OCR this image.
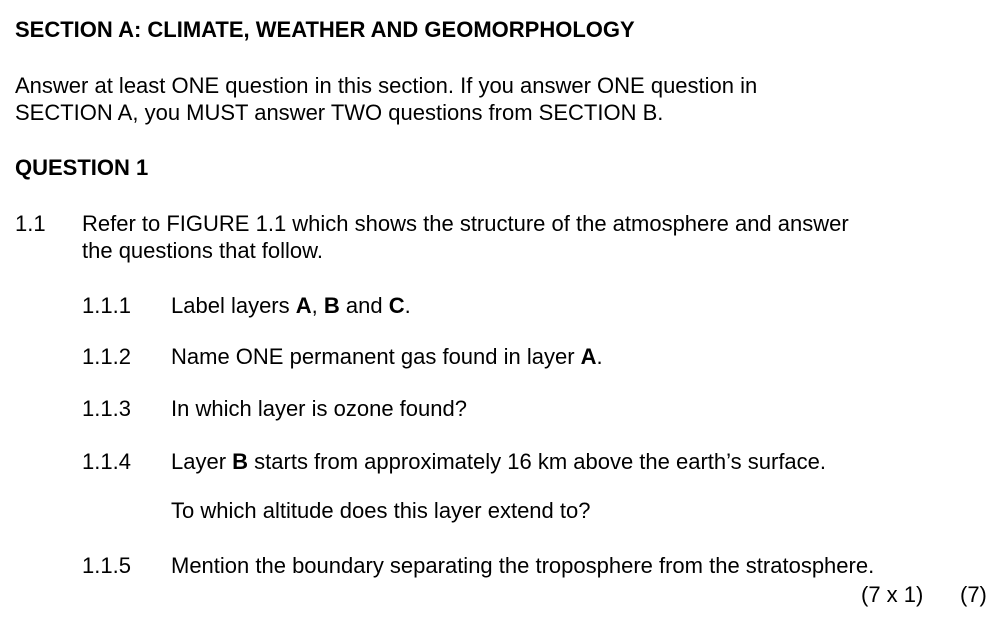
SECTION A: CLIMATE, WEATHER AND GEOMORPHOLOGY
Answer at least ONE question in this section. If you answer ONE question in
SECTION A, you MUST answer TWO questions from SECTION B.
QUESTION 1
1.1 Refer to FIGURE 1.1 which shows the structure of the atmosphere and answer
the questions that follow.
1.1.1 Label layers A, B and C.
1.1.2 Name ONE permanent gas found in layer A.
1.1.3 In which layer is ozone found?
1.1.4 Layer B starts from approximately 16 km above the earth’s surface.
To which altitude does this layer extend to?
1.1.5 Mention the boundary separating the troposphere from the stratosphere.
(7 x 1) (7)
